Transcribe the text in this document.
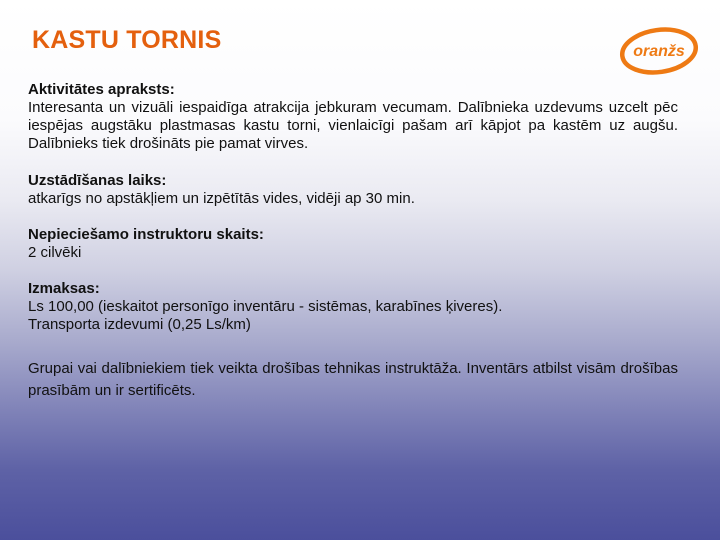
KASTU TORNIS	oranžs
Aktivitātes apraksts:
Interesanta un vizuāli iespaidīga atrakcija jebkuram vecumam. Dalībnieka uzdevums uzcelt pēc iespējas augstāku plastmasas kastu torni, vienlaicīgi pašam arī kāpjot pa kastēm uz augšu. Dalībnieks tiek drošināts pie pamat virves.
Uzstādīšanas laiks:
atkarīgs no apstākļiem un izpētītās vides, vidēji ap 30 min.
Nepieciešamo instruktoru skaits:
2 cilvēki
Izmaksas:
Ls 100,00 (ieskaitot personīgo inventāru - sistēmas, karabīnes ķiveres).
Transporta izdevumi (0,25 Ls/km)
Grupai vai dalībniekiem tiek veikta drošības tehnikas instruktāža. Inventārs atbilst visām drošības prasībām un ir sertificēts.
